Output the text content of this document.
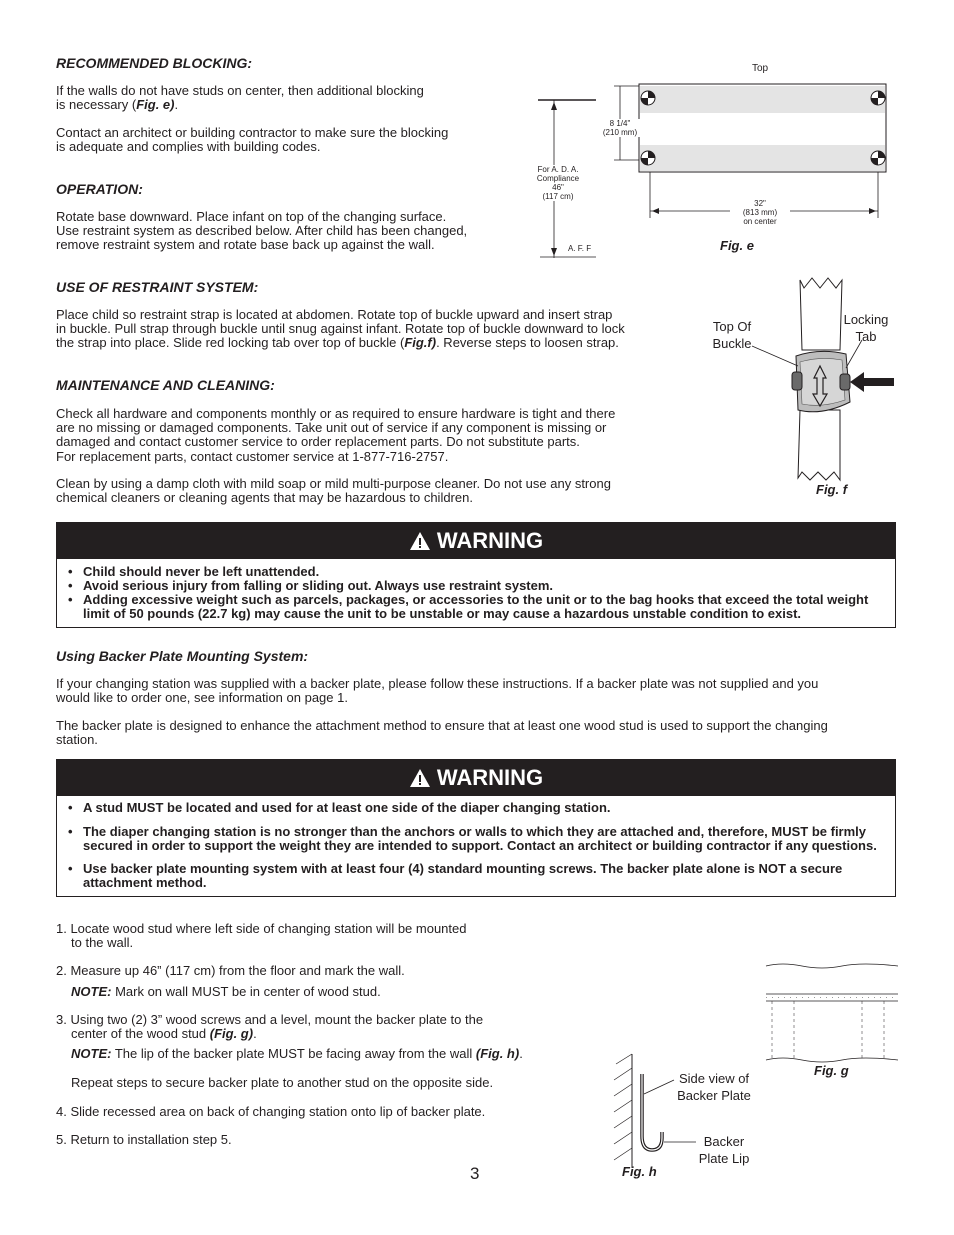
RECOMMENDED BLOCKING:
If the walls do not have studs on center, then additional blocking
is necessary (Fig. e).
Contact an architect or building contractor to make sure the blocking
is adequate and complies with building codes.
OPERATION:
Rotate base downward. Place infant on top of the changing surface.
Use restraint system as described below. After child has been changed,
remove restraint system and rotate base back up against the wall.
Top
8 1/4"
(210 mm)
For A. D. A.
Compliance
46"
(117 cm)
A. F. F
32"
(813 mm)
on center
Fig. e
USE OF RESTRAINT SYSTEM:
Place child so restraint strap is located at abdomen. Rotate top of buckle upward and insert strap
in buckle. Pull strap through buckle until snug against infant. Rotate top of buckle downward to lock
the strap into place. Slide red locking tab over top of buckle (Fig.f). Reverse steps to loosen strap.
Top Of
Buckle
Locking
Tab
Fig. f
MAINTENANCE AND CLEANING:
Check all hardware and components monthly or as required to ensure hardware is tight and there
are no missing or damaged components. Take unit out of service if any component is missing or
damaged and contact customer service to order replacement parts. Do not substitute parts.
For replacement parts, contact customer service at 1-877-716-2757.
Clean by using a damp cloth with mild soap or mild multi-purpose cleaner. Do not use any strong
chemical cleaners or cleaning agents that may be hazardous to children.
WARNING
• Child should never be left unattended.
• Avoid serious injury from falling or sliding out. Always use restraint system.
• Adding excessive weight such as parcels, packages, or accessories to the unit or to the bag hooks that exceed the total weight limit of 50 pounds (22.7 kg) may cause the unit to be unstable or may cause a hazardous unstable condition to exist.
Using Backer Plate Mounting System:
If your changing station was supplied with a backer plate, please follow these instructions. If a backer plate was not supplied and you
would like to order one, see information on page 1.
The backer plate is designed to enhance the attachment method to ensure that at least one wood stud is used to support the changing
station.
WARNING
• A stud MUST be located and used for at least one side of the diaper changing station.
• The diaper changing station is no stronger than the anchors or walls to which they are attached and, therefore, MUST be firmly secured in order to support the weight they are intended to support. Contact an architect or building contractor if any questions.
• Use backer plate mounting system with at least four (4) standard mounting screws. The backer plate alone is NOT a secure attachment method.
1. Locate wood stud where left side of changing station will be mounted
to the wall.
2. Measure up 46” (117 cm) from the floor and mark the wall.
NOTE: Mark on wall MUST be in center of wood stud.
3. Using two (2) 3” wood screws and a level, mount the backer plate to the
center of the wood stud (Fig. g).
NOTE: The lip of the backer plate MUST be facing away from the wall (Fig. h).
Repeat steps to secure backer plate to another stud on the opposite side.
4. Slide recessed area on back of changing station onto lip of backer plate.
5. Return to installation step 5.
Fig. g
Side view of
Backer Plate
Backer
Plate Lip
Fig. h
3
